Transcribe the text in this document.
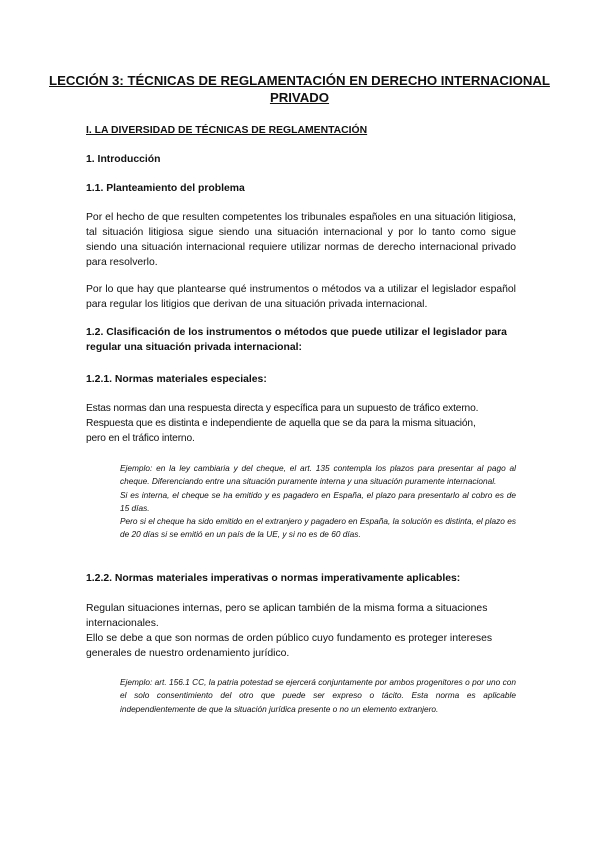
LECCIÓN 3: TÉCNICAS DE REGLAMENTACIÓN EN DERECHO INTERNACIONAL PRIVADO
I. LA DIVERSIDAD DE TÉCNICAS DE REGLAMENTACIÓN
1. Introducción
1.1. Planteamiento del problema
Por el hecho de que resulten competentes los tribunales españoles en una situación litigiosa, tal situación litigiosa sigue siendo una situación internacional y por lo tanto como sigue siendo una situación internacional requiere utilizar normas de derecho internacional privado para resolverlo.
Por lo que hay que plantearse qué instrumentos o métodos va a utilizar el legislador español para regular los litigios que derivan de una situación privada internacional.
1.2. Clasificación de los instrumentos o métodos que puede utilizar el legislador para regular una situación privada internacional:
1.2.1. Normas materiales especiales:
Estas normas dan una respuesta directa y específica para un supuesto de tráfico externo.
Respuesta que es distinta e independiente de aquella que se da para la misma situación,
pero en el tráfico interno.
Ejemplo: en la ley cambiaria y del cheque, el art. 135 contempla los plazos para presentar al pago al cheque. Diferenciando entre una situación puramente interna y una situación puramente internacional.
Si es interna, el cheque se ha emitido y es pagadero en España, el plazo para presentarlo al cobro es de 15 días.
Pero si el cheque ha sido emitido en el extranjero y pagadero en España, la solución es distinta, el plazo es de 20 días si se emitió en un país de la UE, y si no es de 60 días.
1.2.2. Normas materiales imperativas o normas imperativamente aplicables:
Regulan situaciones internas, pero se aplican también de la misma forma a situaciones internacionales.
Ello se debe a que son normas de orden público cuyo fundamento es proteger intereses generales de nuestro ordenamiento jurídico.
Ejemplo: art. 156.1 CC, la patria potestad se ejercerá conjuntamente por ambos progenitores o por uno con el solo consentimiento del otro que puede ser expreso o tácito. Esta norma es aplicable independientemente de que la situación jurídica presente o no un elemento extranjero.
